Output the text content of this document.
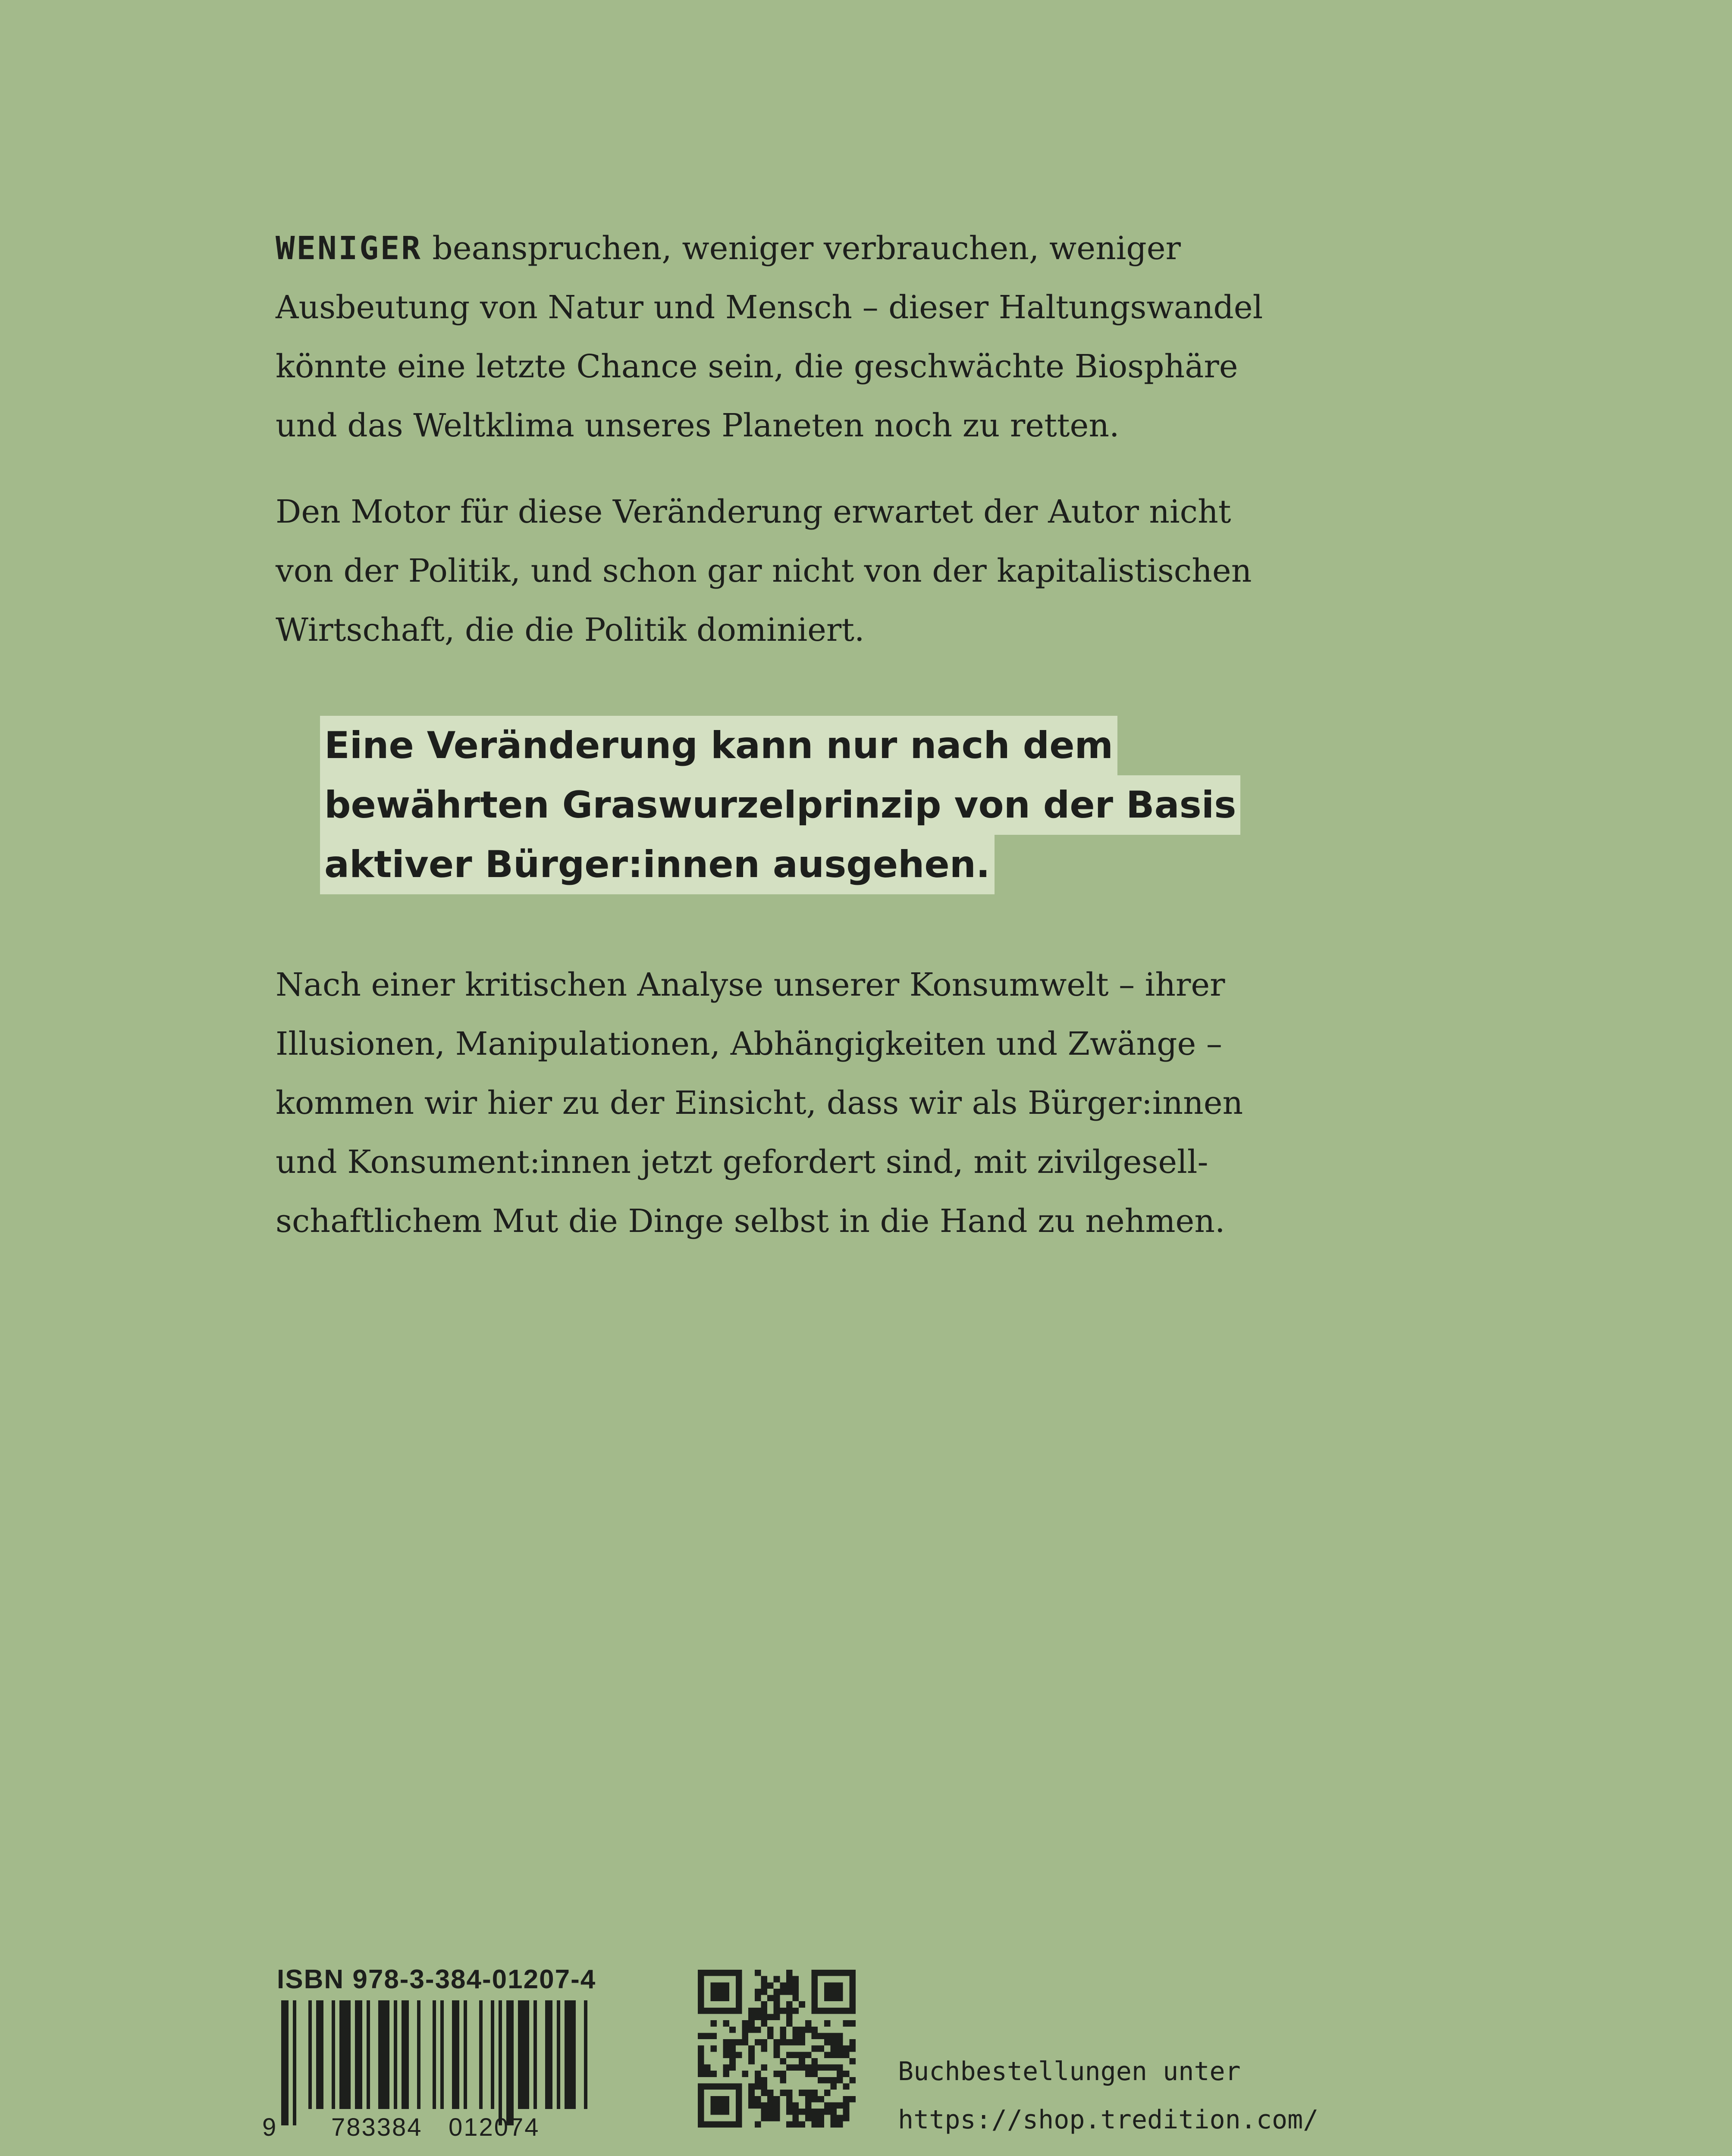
WENIGER beanspruchen, weniger verbrauchen, weniger
Ausbeutung von Natur und Mensch – dieser Haltungswandel
könnte eine letzte Chance sein, die geschwächte Biosphäre
und das Weltklima unseres Planeten noch zu retten.

Den Motor für diese Veränderung erwartet der Autor nicht
von der Politik, und schon gar nicht von der kapitalistischen
Wirtschaft, die die Politik dominiert.

Eine Veränderung kann nur nach dem
bewährten Graswurzelprinzip von der Basis
aktiver Bürger:innen ausgehen.

Nach einer kritischen Analyse unserer Konsumwelt – ihrer
Illusionen, Manipulationen, Abhängigkeiten und Zwänge –
kommen wir hier zu der Einsicht, dass wir als Bürger:innen
und Konsument:innen jetzt gefordert sind, mit zivilgesell-
schaftlichem Mut die Dinge selbst in die Hand zu nehmen.

ISBN 978-3-384-01207-4
9 783384 012074
Buchbestellungen unter
https://shop.tredition.com/
